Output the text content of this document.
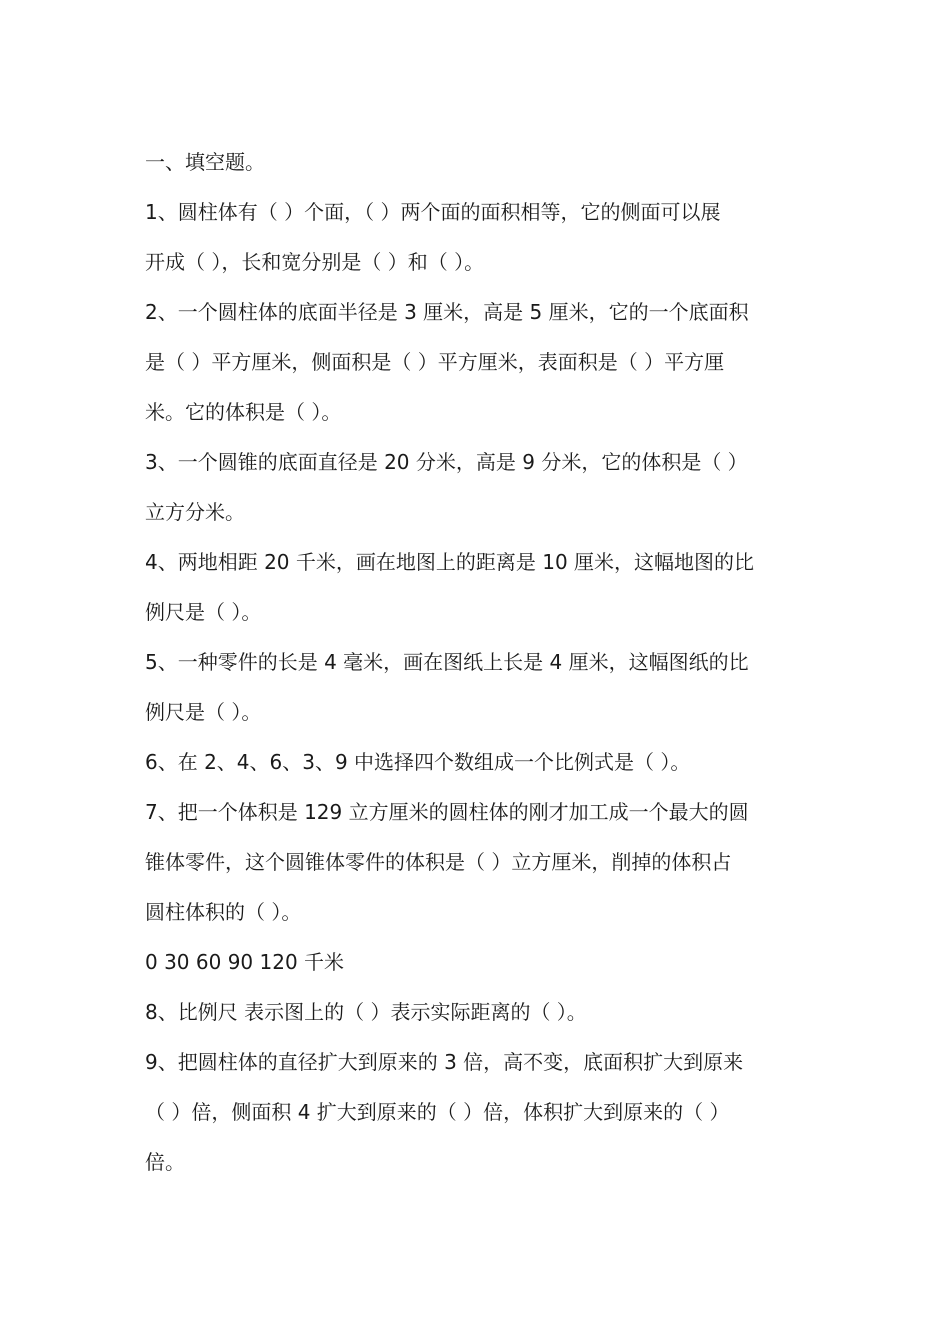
一、填空题。
1、圆柱体有（ ）个面，（ ）两个面的面积相等，它的侧面可以展
开成（ ），长和宽分别是（ ）和（ ）。
2、一个圆柱体的底面半径是 3 厘米，高是 5 厘米，它的一个底面积
是（ ）平方厘米，侧面积是（ ）平方厘米，表面积是（ ）平方厘
米。它的体积是（ ）。
3、一个圆锥的底面直径是 20 分米，高是 9 分米，它的体积是（ ）
立方分米。
4、两地相距 20 千米，画在地图上的距离是 10 厘米，这幅地图的比
例尺是（ ）。
5、一种零件的长是 4 毫米，画在图纸上长是 4 厘米，这幅图纸的比
例尺是（ ）。
6、在 2、4、6、3、9 中选择四个数组成一个比例式是（ ）。
7、把一个体积是 129 立方厘米的圆柱体的刚才加工成一个最大的圆
锥体零件，这个圆锥体零件的体积是（ ）立方厘米，削掉的体积占
圆柱体积的（ ）。
0 30 60 90 120 千米
8、比例尺 表示图上的（ ）表示实际距离的（ ）。
9、把圆柱体的直径扩大到原来的 3 倍，高不变，底面积扩大到原来
（ ）倍，侧面积 4 扩大到原来的（ ）倍，体积扩大到原来的（ ）
倍。
